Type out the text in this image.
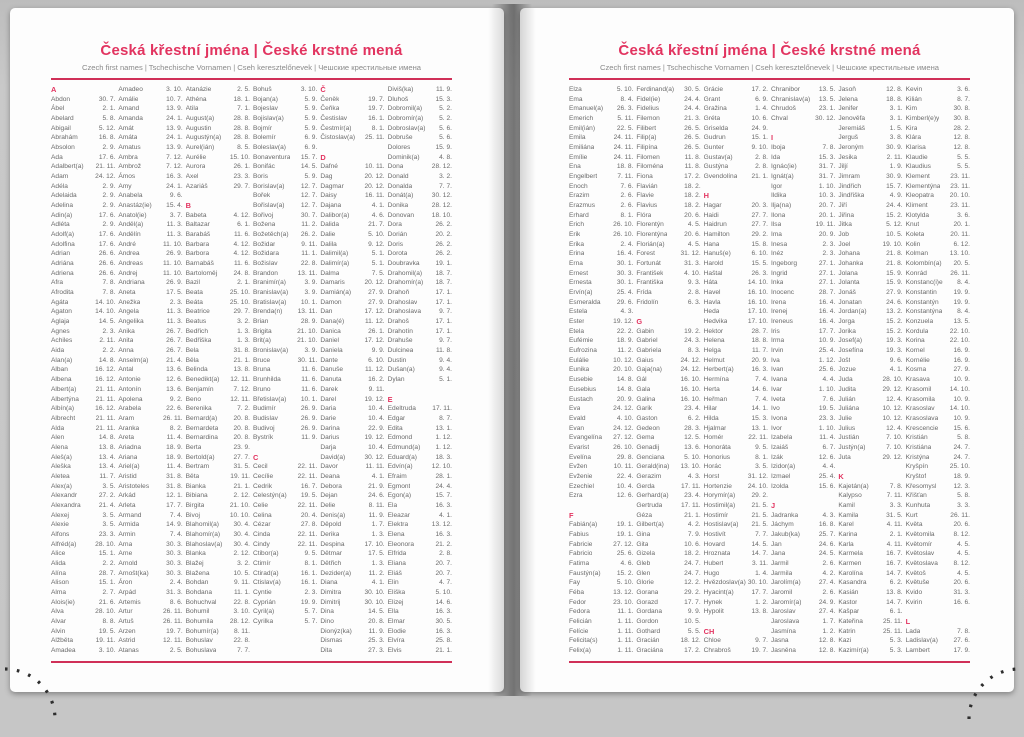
Česká křestní jména | České krstné mená
Czech first names | Tschechische Vornamen | Cseh keresztelőnevek | Чешские крестильные имена
A
Abdon	30. 7.
Ábel	2. 1.
Abelard	5. 8.
Abigail	5. 12.
Abrahám	16. 8.
Absolon	2. 9.
Ada	17. 6.
Adalbert(a) 21. 11.
Adam	24. 12.
Adéla	2. 9.
Adelaida	2. 9.
Adelina	2. 9.
Adin(a)	17. 6.
Adléta	2. 9.
Adolf(a)	17. 6.
Adolfina	17. 6.
Adrian	26. 6.
Adriána	26. 6.
Adriena	26. 6.
Afra	7. 8.
Afrodita	7. 8.
Agáta	14. 10.
Agaton	14. 10.
Aglaja	14. 5.
Agnes	2. 3.
Achiles	2. 11.
Aida	2. 2.
Alan(a)	14. 8.
Alban	16. 12.
Albena	16. 12.
Albert(a)	21. 11.
Albertýna	21. 11.
Albín(a)	16. 12.
Albrecht	21. 11.
Alda	21. 11.
Alen	14. 8.
Alena	13. 8.
Aleš(a)	13. 4.
Aleška	13. 4.
Aletea	11. 7.
Alex(a)	3. 5.
Alexandr	27. 2.
Alexandra	21. 4.
Alexej	3. 5.
Alexie	3. 5.
Alfons	23. 3.
Alfréd(a)	28. 10.
Alice	15. 1.
Alida	2. 2.
Alína	28. 7.
Alison	15. 1.
Alma	2. 7.
Alois(ie)	21. 6.
Alva	28. 10.
Alvar	8. 8.
Alvin	19. 5.
Alžběta	19. 11.
Amadea	3. 10.
Amadeo	3. 10.
Amálie	10. 7.
Amand	13. 9.
Amanda	24. 1.
Amát	13. 9.
Amáta	24. 1.
Amatus	13. 9.
Ambra	7. 12.
Ambrož	7. 12.
Ámos	16. 3.
Amy	24. 1.
Anabela	9. 6.
Anastáz(ie) 15. 4.
Anatol(ie)	3. 7.
Anděl(a)	11. 3.
Andělín	11. 3.
André	11. 10.
Andrea	26. 9.
Andreas	11. 10.
Andrej	11. 10.
Andriana	26. 9.
Aneta	17. 5.
Anežka	2. 3.
Angela	11. 3.
Angelika	11. 3.
Anika	26. 7.
Anita	26. 7.
Anna	26. 7.
Anselm(a)	21. 4.
Antal	13. 6.
Antonie	12. 6.
Antonín	13. 6.
Apolena	9. 2.
Arabela	22. 6.
Aram	26. 11.
Aranka	8. 2.
Areta	11. 4.
Ariadna	18. 9.
Ariana	18. 9.
Ariel(a)	11. 4.
Aristid	31. 8.
Aristoteles	31. 8.
Arkád	12. 1.
Arleta	17. 7.
Armand	7. 4.
Armida	14. 9.
Armin	7. 4.
Arna	30. 3.
Arne	30. 3.
Arnold	30. 3.
Arnošt(ka)	30. 3.
Áron	2. 4.
Arpád	31. 3.
Artemis	8. 6.
Artur	26. 11.
Artuš	26. 11.
Arzen	19. 7.
Astrid	12. 11.
Atanas	2. 5.
Atanázie	2. 5.
Athéna	18. 1.
Atila	7. 1.
August(a)	28. 8.
Augustin	28. 8.
Augustýn(a) 28. 8.
Aurel(ián)	8. 5.
Aurélie	15. 10.
Aurora	26. 1.
Axel	23. 3.
Azariáš	29. 7.
B
Babeta	4. 12.
Baltazar	6. 1.
Barabáš	11. 6.
Barbara	4. 12.
Barbora	4. 12.
Barnabáš	11. 6.
Bartoloměj 24. 8.
Bazil	2. 1.
Beata	25. 10.
Beáta	25. 10.
Beatrice	29. 7.
Beatus	3. 2.
Bedřich	1. 3.
Bedřiška	1. 3.
Bela	31. 8.
Běla	21. 1.
Belinda	13. 8.
Benedikt(a) 12. 11.
Benjamín	7. 12.
Beno	12. 11.
Berenika	7. 2.
Bernard(a) 20. 8.
Bernardeta 20. 8.
Bernardina 20. 8.
Berta	23. 9.
Bertold(a)	27. 7.
Bertram	31. 5.
Běta	19. 11.
Bianka	21. 1.
Bibiana	2. 12.
Birgita	21. 10.
Bivoj	10. 10.
Blahomil(a) 30. 4.
Blahomír(a) 30. 4.
Blahoslav(a) 30. 4.
Blanka	2. 12.
Blažej	3. 2.
Blažena	10. 5.
Bohdan	9. 11.
Bohdana	11. 1.
Bohuchval	22. 8.
Bohumil	3. 10.
Bohumila	28. 12.
Bohumír(a) 8. 11.
Bohuslav	22. 8.
Bohuslava	7. 7.
Bohuš	3. 10.
Bojan(a)	5. 9.
Bojeslav	5. 9.
Bojislav(a)	5. 9.
Bojmír	5. 9.
Bolemír	6. 9.
Boleslav(a)	6. 9.
Bonaventura 15. 7.
Bonifác	14. 5.
Boris	5. 9.
Borislav(a) 12. 7.
Bořek	12. 7.
Bořislav(a) 12. 7.
Bořivoj	30. 7.
Božena	11. 2.
Božetěch(a) 26. 2.
Božidar	9. 11.
Božidara	11. 1.
Božislav	22. 8.
Brandon	13. 11.
Branimír(a)	3. 9.
Branislav(a) 3. 9.
Bratislav(a) 10. 1.
Brenda(n) 13. 11.
Brian	28. 9.
Brigita	21. 10.
Brit(a)	21. 10.
Bronislav(a) 3. 9.
Bruce	30. 11.
Bruna	11. 6.
Brunhilda	11. 6.
Bruno	11. 6.
Břetislav(a) 10. 1.
Budimír	26. 9.
Budislav	26. 9.
Budivoj	26. 9.
Bystrík	11. 9.
C
Cecil	22. 11.
Cecílie	22. 11.
Cedrik	16. 7.
Celestýn(a) 19. 5.
Celie	22. 11.
Celina	20. 4.
Cézar	27. 8.
Cinda	22. 11.
Cindy	22. 11.
Ctibor(a)	9. 5.
Ctimír	8. 1.
Ctirad(a)	16. 1.
Ctislav(a)	16. 1.
Cyntie	2. 3.
Cyprián	19. 9.
Cyril(a)	5. 7.
Cyrilka	5. 7.
Č
Čeněk	19. 7.
Čeňka	19. 7.
Čestislav	16. 1.
Čestmír(a)	8. 1.
Čistoslav(a) 25. 11.
D
Dafné	10. 11.
Dag	20. 12.
Dagmar	20. 12.
Daisy	16. 11.
Dajana	4. 1.
Dalibor(a)	4. 6.
Dalida	21. 7.
Dalie	5. 10.
Dalila	9. 12.
Dalimil(a)	5. 1.
Dalimír(a)	5. 1.
Dalma	7. 5.
Damaris	20. 12.
Damián(a)	27. 9.
Damon	27. 9.
Dan	17. 12.
Dana(é)	11. 12.
Danica	26. 1.
Daniel	17. 12.
Daniela	9. 9.
Dante	6. 10.
Danuše	11. 12.
Danuta	16. 2.
Darek	9. 11.
Darel	19. 12.
Daria	10. 4.
Darie	10. 4.
Darina	22. 9.
Darius	19. 12.
Darja	10. 4.
David(a)	30. 12.
Davor	11. 11.
Deana	4. 1.
Debora	21. 9.
Dejan	24. 6.
Delie	8. 11.
Denis(a)	11. 9.
Děpold	1. 7.
Derika	1. 3.
Despina	17. 10.
Dětmar	17. 5.
Dětřich	1. 3.
Dezider(a)	11. 2.
Diana	4. 1.
Dimitra	30. 10.
Dimitrij	30. 10.
Dina	14. 5.
Dino	20. 8.
Dionýz(ka)	11. 9.
Dismas	25. 3.
Dita	27. 3.
Diviš(ka)	11. 9.
Dluhoš	15. 3.
Dobromil(a)	5. 2.
Dobromír(a) 5. 2.
Dobroslav(a) 5. 6.
Dobruše	5. 6.
Dolores	15. 9.
Dominik(a)	4. 8.
Dona	28. 12.
Donald	3. 2.
Donalda	7. 7.
Donát(a)	30. 12.
Donika	28. 12.
Donovan	18. 10.
Dora	26. 2.
Dorián	20. 2.
Doris	26. 2.
Dorota	26. 2.
Doubravka 19. 1.
Drahomil(a) 18. 7.
Drahomír(a) 18. 7.
Drahoň	17. 1.
Drahoslav	17. 1.
Drahoslava	9. 7.
Drahoš	17. 1.
Drahotín	17. 1.
Drahuše	9. 7.
Dulcinea	11. 8.
Dustin	9. 4.
Dušan(a)	9. 4.
Dylan	5. 1.
E
Edeltruda 17. 11.
Edgar	8. 7.
Edita	13. 1.
Edmond	1. 12.
Edmund(a) 1. 12.
Eduard(a)	18. 3.
Edvín(a)	12. 10.
Efraim	28. 1.
Egmont	24. 4.
Egon(a)	15. 7.
Ela	16. 3.
Eleazar	4. 1.
Elektra	13. 12.
Elena	16. 3.
Eleonora	21. 2.
Elfrida	2. 8.
Eliana	20. 7.
Eliáš	20. 7.
Elin	4. 7.
Eliška	5. 10.
Elizej	14. 6.
Ella	16. 3.
Elmar	30. 5.
Elodie	16. 3.
Elvíra	25. 8.
Elvis	21. 1.
Česká křestní jména | České krstné mená
Czech first names | Tschechische Vornamen | Cseh keresztelőnevek | Чешские крестильные имена
Elza	5. 10.
Ema	8. 4.
Emanuel(a) 26. 3.
Emerich	5. 11.
Emil(ián)	22. 5.
Emila	24. 11.
Emiliána	24. 11.
Emílie	24. 11.
Ena	18. 8.
Engelbert	7. 11.
Enoch	7. 6.
Erazim	2. 6.
Erazmus	2. 6.
Erhard	8. 1.
Erich	26. 10.
Erik	26. 10.
Erika	2. 4.
Erina	16. 4.
Erna	30. 1.
Ernest	30. 3.
Ernesta	30. 1.
Ervín(a)	25. 4.
Esmeralda 29. 6.
Estela	4. 3.
Ester	19. 12.
Etela	22. 2.
Eufémie	18. 9.
Eufrozina	11. 2.
Eulálie	10. 12.
Eunika	20. 10.
Eusebie	14. 8.
Eusebius	14. 8.
Eustach	20. 9.
Eva	24. 12.
Evald	4. 10.
Evan	24. 12.
Evangelína 27. 12.
Evarist	26. 10.
Evelína	29. 8.
Evžen	10. 11.
Evženie	22. 4.
Ezechiel	10. 4.
Ezra	12. 6.
F
Fabián(a)	19. 1.
Fabius	19. 1.
Fabricie	27. 12.
Fabricio	25. 6.
Fatima	4. 6.
Faustýn(a) 15. 2.
Fay	5. 10.
Féba	13. 12.
Fedor	23. 10.
Fedora	11. 1.
Felicián	1. 11.
Felície	1. 11.
Felicita(s)	1. 11.
Felix(a)	1. 11.
Ferdinand(a) 30. 5.
Fidel(ie)	24. 4.
Fidelius	24. 4.
Filemon	21. 3.
Filibert	26. 5.
Filip(a)	26. 5.
Filipína	26. 5.
Filomen	11. 8.
Filoména	11. 8.
Fiona	17. 2.
Flavián	18. 2.
Flavie	18. 2.
Flavius	18. 2.
Flóra	20. 6.
Florentýn	4. 5.
Florentýna	20. 6.
Florián(a)	4. 5.
Forest	31. 12.
Fortunát	31. 3.
František	4. 10.
Františka	9. 3.
Frída	2. 8.
Fridolín	6. 3.
G
Gabin	19. 2.
Gabriel	24. 3.
Gabriela	8. 3.
Gaius	24. 12.
Gaja(na)	24. 12.
Gál	16. 10.
Gala	16. 10.
Galina	16. 10.
Garik	23. 4.
Gaston	6. 2.
Gedeon	28. 3.
Gema	12. 5.
Genadij	13. 6.
Genciana	5. 10.
Gerald(ina) 13. 10.
Gerazim	4. 3.
Gerda	17. 11.
Gerhard(a) 23. 4.
Gertruda	17. 11.
Géza	21. 1.
Gilbert(a)	4. 2.
Gina	7. 9.
Gita	10. 6.
Gizela	18. 2.
Gleb	24. 7.
Glen	24. 7.
Glorie	12. 2.
Gorana	29. 2.
Gorazd	17. 7.
Gordana	9. 9.
Gordon	10. 5.
Gothard	5. 5.
Gracián	18. 12.
Graciána	17. 2.
Grácie	17. 2.
Grant	6. 9.
Gražina	1. 4.
Gréta	10. 6.
Griselda	24. 9.
Gudrun	15. 1.
Gunter	9. 10.
Gustav(a)	2. 8.
Gustýna	2. 8.
Gvendolína 21. 1.
H
Hagar	20. 3.
Haidi	27. 7.
Haidrun	27. 7.
Hamilton	29. 2.
Hana	15. 8.
Hanuš(e)	6. 10.
Harold	15. 5.
Haštal	26. 3.
Háta	14. 10.
Havel	16. 10.
Havla	16. 10.
Heda	17. 10.
Hedvika	17. 10.
Hektor	28. 7.
Helena	18. 8.
Helga	11. 7.
Helmut	20. 9.
Herbert(a)	16. 3.
Hermína	7. 4.
Herta	14. 6.
Heřman	7. 4.
Hilar	14. 1.
Hilda	15. 3.
Hjalmar	13. 1.
Homér	22. 11.
Honoráta	9. 5.
Honorius	8. 1.
Horác	3. 5.
Horst	31. 12.
Hortenzie 24. 10.
Horymír(a) 29. 2.
Hostimil(a) 21. 5.
Hostimír	21. 5.
Hostislav(a) 21. 5.
Hostivít	7. 7.
Hovard	14. 5.
Hroznata	14. 7.
Hubert	3. 11.
Hugo	1. 4.
Hvězdoslav(a) 30. 10.
Hyacint(a)	17. 7.
Hynek	1. 2.
Hypolit	13. 8.
CH
Chloe	9. 7.
Chrabroš	19. 7.
Chranibor	13. 5.
Chranislav(a) 13. 5.
Chrudoš	23. 1.
Chval	30. 12.
I
Iboja	7. 8.
Ida	15. 3.
Ignác(ie)	31. 7.
Ignát(a)	31. 7.
Igor	1. 10.
Ildika	10. 3.
Ilja(na)	20. 7.
Ilona	20. 1.
Ilsa	19. 11.
Ima	20. 9.
Inesa	2. 3.
Inéz	2. 3.
Ingeborg	27. 1.
Ingrid	27. 1.
Inka	27. 1.
Inocenc	28. 7.
Irena	16. 4.
Irenej	16. 4.
Ireneus	16. 4.
Iris	17. 7.
Irma	10. 9.
Irvin	25. 4.
Iva	1. 12.
Ivan	25. 6.
Ivana	4. 4.
Ivar	1. 10.
Iveta	7. 6.
Ivo	19. 5.
Ivona	23. 3.
Ivor	1. 10.
Izabela	11. 4.
Izaiáš	6. 7.
Izák	12. 6.
Izidor(a)	4. 4.
Izmael	25. 4.
Izolda	15. 6.
J
Jadranka	4. 3.
Jáchym	16. 8.
Jakub(ka)	25. 7.
Jan	24. 6.
Jana	24. 5.
Jarmil	2. 6.
Jarmila	4. 2.
Jarolím(a)	27. 4.
Jaromil	2. 6.
Jaromír(a)	24. 9.
Jaroslav	27. 4.
Jaroslava	1. 7.
Jasmína	1. 2.
Jasna	12. 8.
Jasněna	12. 8.
Jasoň	12. 8.
Jelena	18. 8.
Jenifer	3. 1.
Jenověfa	3. 1.
Jeremiáš	1. 5.
Jerguš	3. 8.
Jeroným	30. 9.
Jesika	2. 11.
Jiljí	1. 9.
Jimram	30. 9.
Jindřich	15. 7.
Jindřiška	4. 9.
Jiří	24. 4.
Jiřina	15. 2.
Jitka	5. 12.
Job	10. 5.
Joel	19. 10.
Johana	21. 8.
Johanka	21. 8.
Jolana	15. 9.
Jolanta	15. 9.
Jonáš	27. 9.
Jonatan	24. 6.
Jordan(a)	13. 2.
Jorga	15. 2.
Jorika	15. 2.
Josef(a)	19. 3.
Josefína	19. 3.
Jošt	9. 6.
Jozue	4. 1.
Juda	28. 10.
Judita	29. 12.
Julián	12. 4.
Juliána	10. 12.
Julie	10. 12.
Julius	12. 4.
Justián	7. 10.
Justýn(a)	7. 10.
Juta	29. 12.
K
Kajetán(a)	7. 8.
Kalypso	7. 11.
Kamil	3. 3.
Kamila	31. 5.
Karel	4. 11.
Karina	2. 1.
Karla	4. 11.
Karmela	16. 7.
Karmen	16. 7.
Karolína	14. 7.
Kasandra	6. 2.
Kasián	13. 8.
Kastor	14. 7.
Kašpar	6. 1.
Kateřina	25. 11.
Katrin	25. 11.
Kazi	5. 3.
Kazimír(a)	5. 3.
Kevin	3. 6.
Kilián	8. 7.
Kim	30. 8.
Kimberl(e)y 30. 8.
Kira	28. 2.
Klára	12. 8.
Klarisa	12. 8.
Klaudie	5. 5.
Klaudius	5. 5.
Klement	23. 11.
Klementýna 23. 11.
Kleopatra 20. 10.
Kliment	23. 11.
Klotylda	3. 6.
Knut	20. 1.
Koleta	20. 11.
Kolin	6. 12.
Kolman	13. 10.
Kolombín(a) 20. 5.
Konrád	26. 11.
Konstanc(i)e 8. 4.
Konstantin	19. 9.
Konstantýn 19. 9.
Konstantýna 8. 4.
Konzuela	13. 5.
Kordula	22. 10.
Korina	22. 10.
Kornel	16. 9.
Kornélie	16. 9.
Kosma	27. 9.
Krasava	10. 9.
Krasomil	14. 10.
Krasomila	10. 9.
Krasoslav 14. 10.
Krasoslava 10. 9.
Krescencie 15. 6.
Kristián	5. 8.
Kristiána	24. 7.
Kristýna	24. 7.
Kryšpín	25. 10.
Kryštof	18. 9.
Křesomysl	12. 3.
Křišťan	5. 8.
Kunhuta	3. 3.
Kurt	26. 11.
Květa	20. 6.
Květomila	8. 12.
Květomír	4. 5.
Květoslav	4. 5.
Květoslava 8. 12.
Květoš	4. 5.
Květuše	20. 6.
Kvido	31. 3.
Kvirin	16. 6.
L
Lada	7. 8.
Ladislav(a) 27. 6.
Lambert	17. 9.
